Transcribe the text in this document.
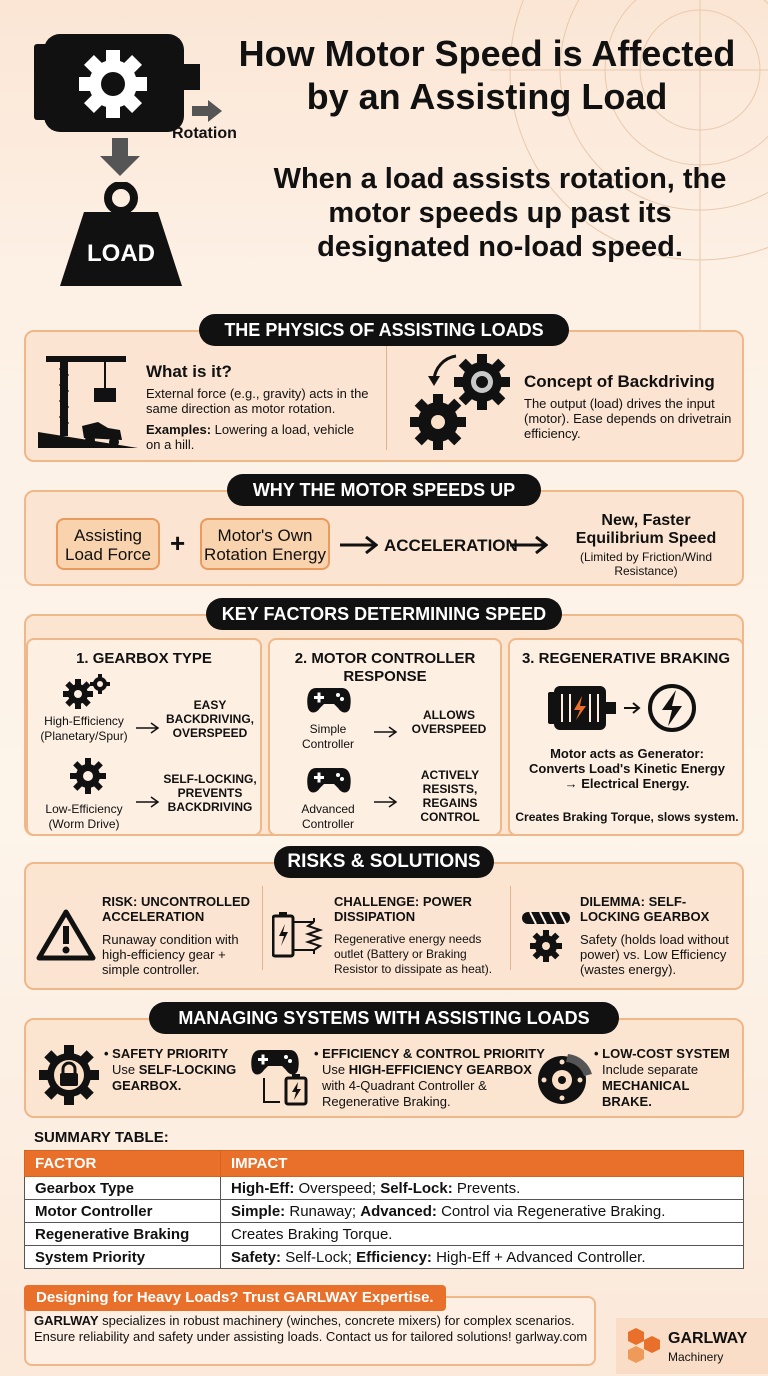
Rotation
LOAD
How Motor Speed is Affected by an Assisting Load
When a load assists rotation, the motor speeds up past its designated no-load speed.
What is it?
External force (e.g., gravity) acts in the same direction as motor rotation.
Examples: Lowering a load, vehicle on a hill.
Concept of Backdriving
The output (load) drives the input (motor). Ease depends on drivetrain efficiency.
THE PHYSICS OF ASSISTING LOADS
Assisting Load Force +	Motor's Own Rotation Energy	ACCELERATION
New, Faster Equilibrium Speed
(Limited by Friction/Wind Resistance)
WHY THE MOTOR SPEEDS UP
1. GEARBOX TYPE
High-Efficiency (Planetary/Spur)
EASY BACKDRIVING, OVERSPEED
Low-Efficiency (Worm Drive)
SELF-LOCKING, PREVENTS BACKDRIVING
2. MOTOR CONTROLLER RESPONSE
Simple Controller
ALLOWS OVERSPEED
Advanced Controller
ACTIVELY RESISTS, REGAINS CONTROL
3. REGENERATIVE BRAKING
Motor acts as Generator: Converts Load's Kinetic Energy → Electrical Energy.
Creates Braking Torque, slows system.
KEY FACTORS DETERMINING SPEED
RISK: UNCONTROLLED ACCELERATION
Runaway condition with high-efficiency gear + simple controller.
CHALLENGE: POWER DISSIPATION
Regenerative energy needs outlet (Battery or Braking Resistor to dissipate as heat).
DILEMMA: SELF-LOCKING GEARBOX
Safety (holds load without power) vs. Low Efficiency (wastes energy).
RISKS & SOLUTIONS
• SAFETY PRIORITY
Use SELF-LOCKING GEARBOX.
• EFFICIENCY & CONTROL PRIORITY
Use HIGH-EFFICIENCY GEARBOX with 4-Quadrant Controller & Regenerative Braking.
• LOW-COST SYSTEM
Include separate MECHANICAL BRAKE.
MANAGING SYSTEMS WITH ASSISTING LOADS
SUMMARY TABLE:
FACTOR	IMPACT
Gearbox Type	High-Eff: Overspeed; Self-Lock: Prevents.
Motor Controller	Simple: Runaway; Advanced: Control via Regenerative Braking.
Regenerative Braking	Creates Braking Torque.
System Priority	Safety: Self-Lock; Efficiency: High-Eff + Advanced Controller.
Designing for Heavy Loads? Trust GARLWAY Expertise.
GARLWAY specializes in robust machinery (winches, concrete mixers) for complex scenarios. Ensure reliability and safety under assisting loads. Contact us for tailored solutions! garlway.com	GARLWAY
Machinery
